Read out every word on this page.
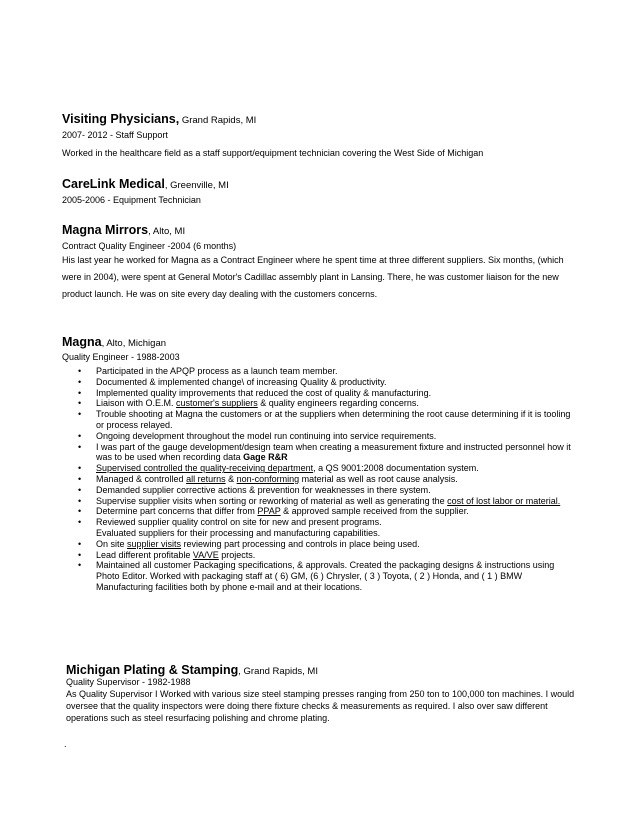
Visiting Physicians, Grand Rapids, MI
2007- 2012 - Staff Support
Worked in the healthcare field as a staff support/equipment technician covering the West Side of Michigan
CareLink Medical, Greenville, MI
2005-2006 - Equipment Technician
Magna Mirrors, Alto, MI
Contract Quality Engineer -2004 (6 months)
His last year he worked for Magna as a Contract Engineer where he spent time at three different suppliers. Six months, (which were in 2004), were spent at General Motor's Cadillac assembly plant in Lansing. There, he was customer liaison for the new product launch. He was on site every day dealing with the customers concerns.
Magna, Alto, Michigan
Quality Engineer - 1988-2003
• Participated in the APQP process as a launch team member.
• Documented & implemented change\ of increasing Quality & productivity.
• Implemented quality improvements that reduced the cost of quality & manufacturing.
• Liaison with O.E.M. customer's suppliers & quality engineers regarding concerns.
• Trouble shooting at Magna the customers or at the suppliers when determining the root cause determining if it is tooling or process relayed.
• Ongoing development throughout the model run continuing into service requirements.
• I was part of the gauge development/design team when creating a measurement fixture and instructed personnel how it was to be used when recording data Gage R&R
• Supervised controlled the quality-receiving department, a QS 9001:2008 documentation system.
• Managed & controlled all returns & non-conforming material as well as root cause analysis.
• Demanded supplier corrective actions & prevention for weaknesses in there system.
• Supervise supplier visits when sorting or reworking of material as well as generating the cost of lost labor or material.
• Determine part concerns that differ from PPAP & approved sample received from the supplier.
• Reviewed supplier quality control on site for new and present programs.
Evaluated suppliers for their processing and manufacturing capabilities.
• On site supplier visits reviewing part processing and controls in place being used.
• Lead different profitable VA/VE projects.
• Maintained all customer Packaging specifications, & approvals. Created the packaging designs & instructions using Photo Editor. Worked with packaging staff at ( 6) GM, (6 ) Chrysler, ( 3 ) Toyota, ( 2 ) Honda, and ( 1 ) BMW Manufacturing facilities both by phone e-mail and at their locations.
Michigan Plating & Stamping, Grand Rapids, MI
Quality Supervisor - 1982-1988
As Quality Supervisor I Worked with various size steel stamping presses ranging from 250 ton to 100,000 ton machines. I would oversee that the quality inspectors were doing there fixture checks & measurements as required. I also over saw different operations such as steel resurfacing polishing and chrome plating.
.
